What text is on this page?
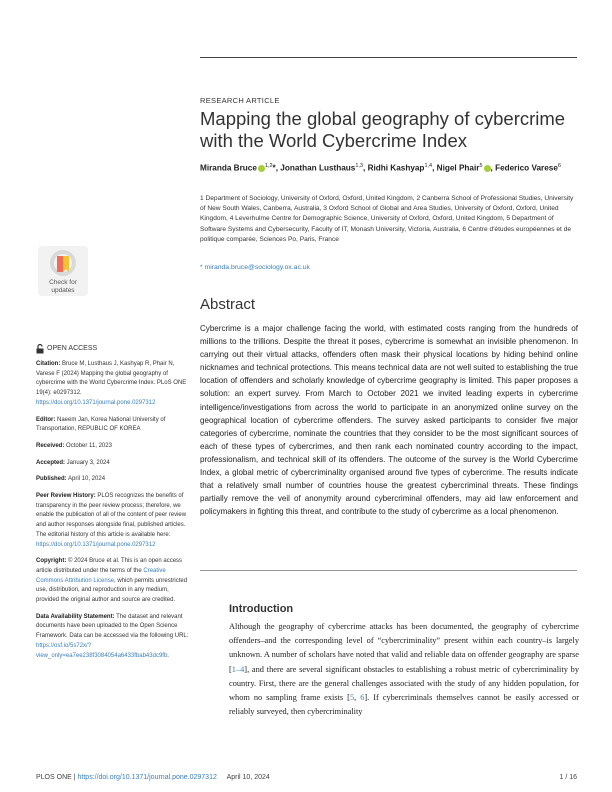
RESEARCH ARTICLE
Mapping the global geography of cybercrime with the World Cybercrime Index
Miranda Bruce $^{1,2}$*, Jonathan Lusthaus$^{1,3}$, Ridhi Kashyap$^{1,4}$, Nigel Phair$^5$ , Federico Varese$^6$
1 Department of Sociology, University of Oxford, Oxford, United Kingdom, 2 Canberra School of Professional Studies, University of New South Wales, Canberra, Australia, 3 Oxford School of Global and Area Studies, University of Oxford, Oxford, United Kingdom, 4 Leverhulme Centre for Demographic Science, University of Oxford, Oxford, United Kingdom, 5 Department of Software Systems and Cybersecurity, Faculty of IT, Monash University, Victoria, Australia, 6 Centre d'études européennes et de politique comparée, Sciences Po, Paris, France
* miranda.bruce@sociology.ox.ac.uk
Abstract
Cybercrime is a major challenge facing the world, with estimated costs ranging from the hundreds of millions to the trillions. Despite the threat it poses, cybercrime is somewhat an invisible phenomenon. In carrying out their virtual attacks, offenders often mask their physical locations by hiding behind online nicknames and technical protections. This means technical data are not well suited to establishing the true location of offenders and scholarly knowledge of cybercrime geography is limited. This paper proposes a solution: an expert survey. From March to October 2021 we invited leading experts in cybercrime intelligence/investigations from across the world to participate in an anonymized online survey on the geographical location of cybercrime offenders. The survey asked participants to consider five major categories of cybercrime, nominate the countries that they consider to be the most significant sources of each of these types of cybercrimes, and then rank each nominated country according to the impact, professionalism, and technical skill of its offenders. The outcome of the survey is the World Cybercrime Index, a global metric of cybercriminality organised around five types of cybercrime. The results indicate that a relatively small number of countries house the greatest cybercriminal threats. These findings partially remove the veil of anonymity around cybercriminal offenders, may aid law enforcement and policymakers in fighting this threat, and contribute to the study of cybercrime as a local phenomenon.
Introduction
Although the geography of cybercrime attacks has been documented, the geography of cybercrime offenders–and the corresponding level of “cybercriminality” present within each country–is largely unknown. A number of scholars have noted that valid and reliable data on offender geography are sparse [1–4], and there are several significant obstacles to establishing a robust metric of cybercriminality by country. First, there are the general challenges associated with the study of any hidden population, for whom no sampling frame exists [5, 6]. If cybercriminals themselves cannot be easily accessed or reliably surveyed, then cybercriminality
Check for
updates
OPEN ACCESS

Citation: Bruce M, Lusthaus J, Kashyap R, Phair N, Varese F (2024) Mapping the global geography of cybercrime with the World Cybercrime Index. PLoS ONE 19(4): e0297312. https://doi.org/10.1371/journal.pone.0297312

Editor: Naeem Jan, Korea National University of Transportation, REPUBLIC OF KOREA

Received: October 11, 2023

Accepted: January 3, 2024

Published: April 10, 2024

Peer Review History: PLOS recognizes the benefits of transparency in the peer review process; therefore, we enable the publication of all of the content of peer review and author responses alongside final, published articles. The editorial history of this article is available here: https://doi.org/10.1371/journal.pone.0297312

Copyright: © 2024 Bruce et al. This is an open access article distributed under the terms of the Creative Commons Attribution License, which permits unrestricted use, distribution, and reproduction in any medium, provided the original author and source are credited.

Data Availability Statement: The dataset and relevant documents have been uploaded to the Open Science Framework. Data can be accessed via the following URL: https://osf.io/5s72x/?view_only=ea7ee238f3084054a6433fbab43dc9fb.

PLOS ONE | https://doi.org/10.1371/journal.pone.0297312 April 10, 2024	1 / 16
